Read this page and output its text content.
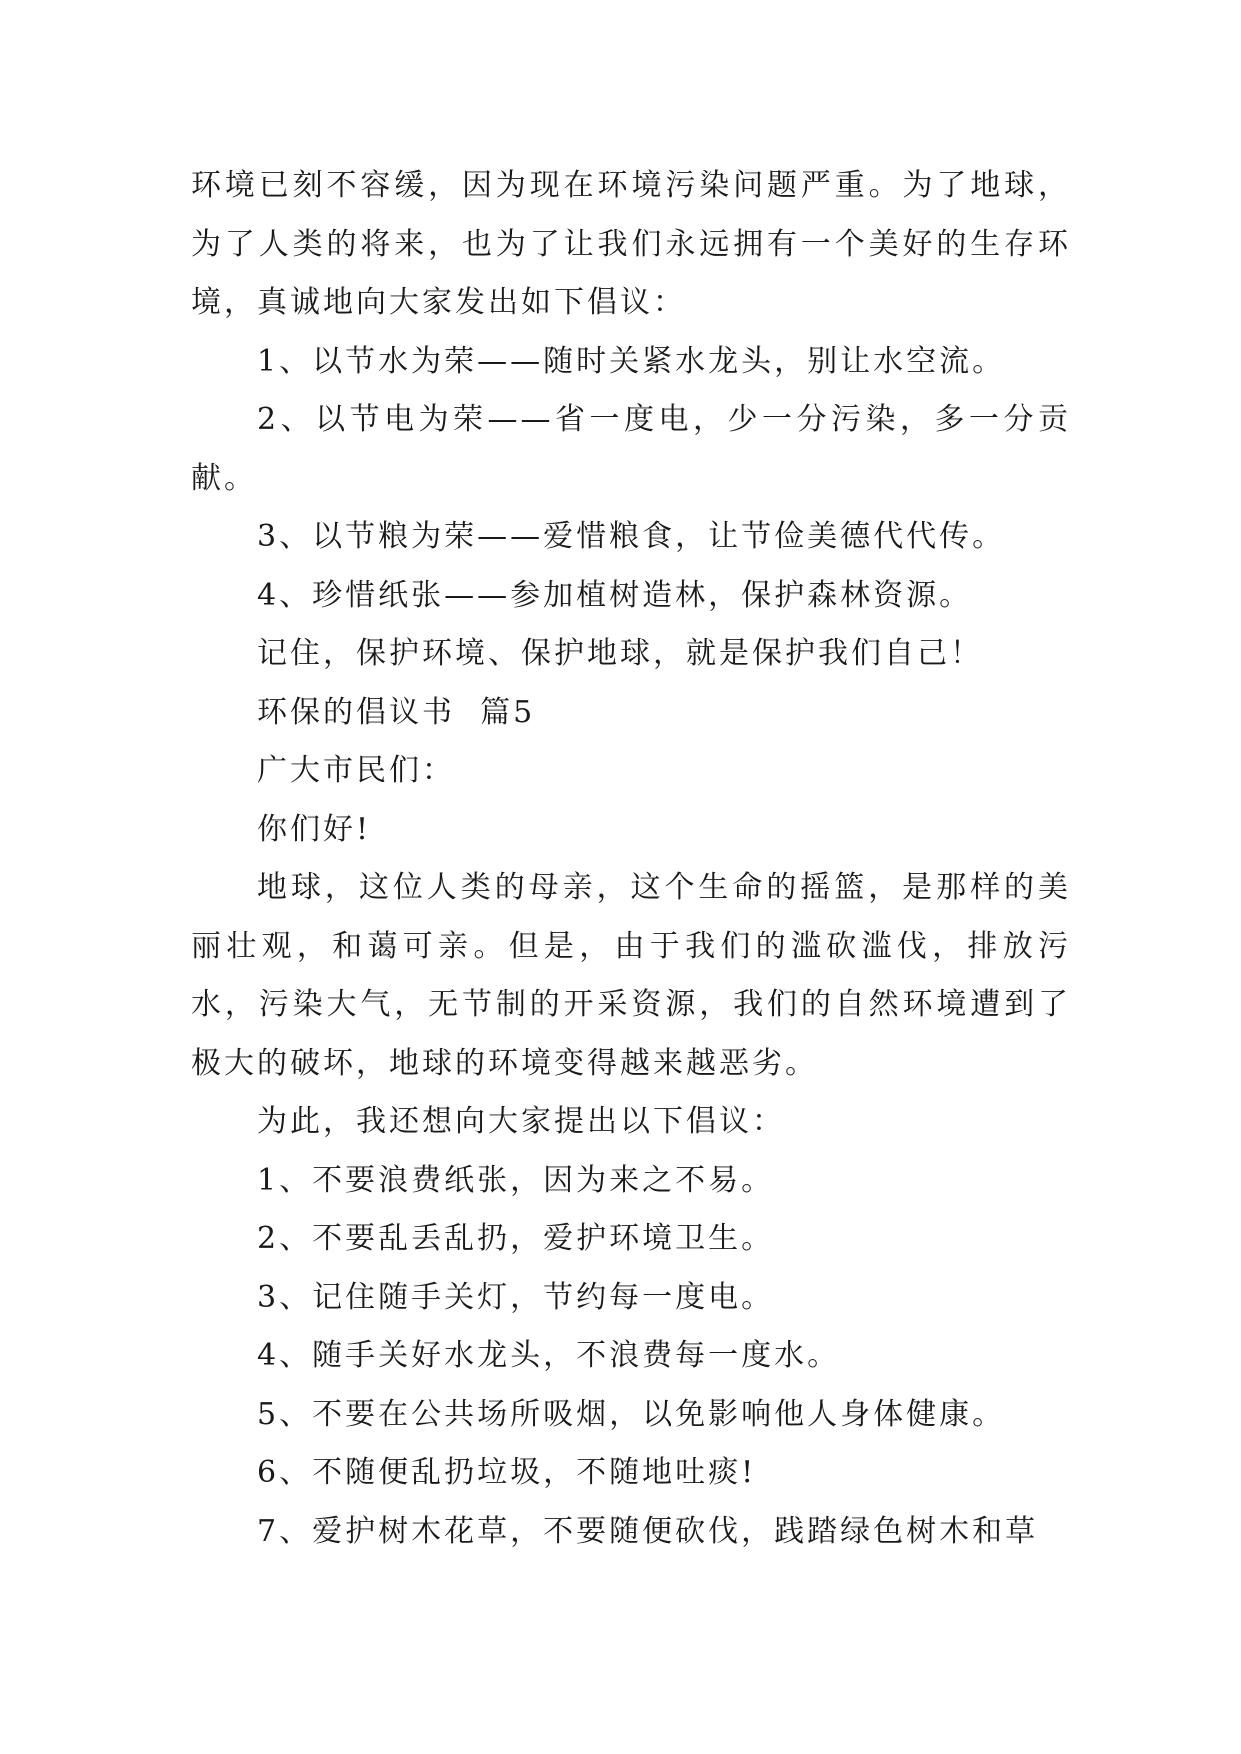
环境已刻不容缓，因为现在环境污染问题严重。为了地球，为了人类的将来，也为了让我们永远拥有一个美好的生存环境，真诚地向大家发出如下倡议：

1、以节水为荣——随时关紧水龙头，别让水空流。

2、以节电为荣——省一度电，少一分污染，多一分贡献。

3、以节粮为荣——爱惜粮食，让节俭美德代代传。

4、珍惜纸张——参加植树造林，保护森林资源。

记住，保护环境、保护地球，就是保护我们自己！

环保的倡议书  篇5

广大市民们：

你们好!

地球，这位人类的母亲，这个生命的摇篮，是那样的美丽壮观，和蔼可亲。但是，由于我们的滥砍滥伐，排放污水，污染大气，无节制的开采资源，我们的自然环境遭到了极大的破坏，地球的环境变得越来越恶劣。

为此，我还想向大家提出以下倡议：

1、不要浪费纸张，因为来之不易。

2、不要乱丢乱扔，爱护环境卫生。

3、记住随手关灯，节约每一度电。

4、随手关好水龙头，不浪费每一度水。

5、不要在公共场所吸烟，以免影响他人身体健康。

6、不随便乱扔垃圾，不随地吐痰!

7、爱护树木花草，不要随便砍伐，践踏绿色树木和草
